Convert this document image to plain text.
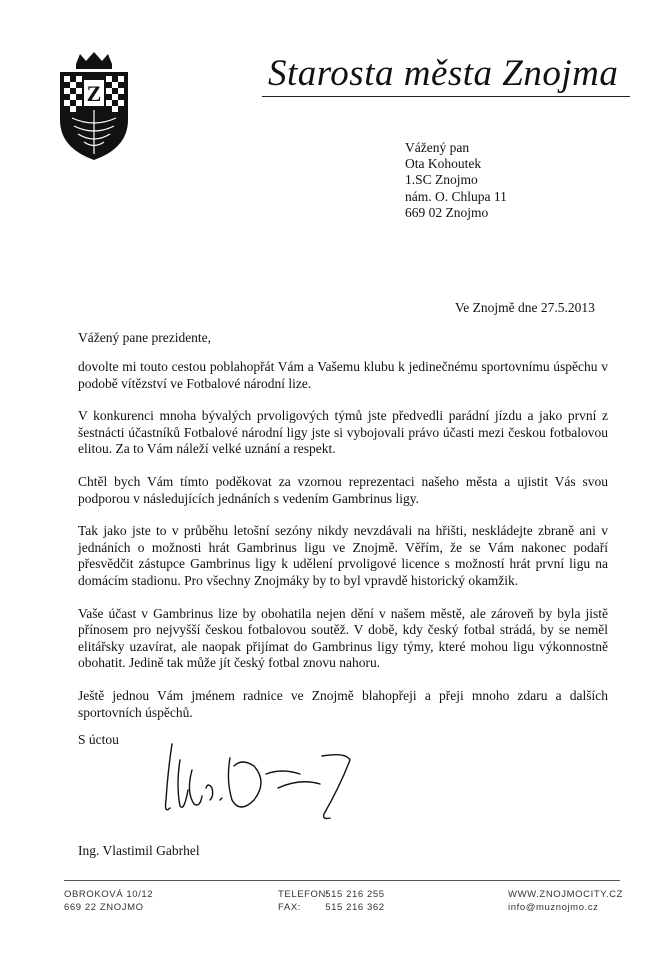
Z	Starosta města Znojma
Vážený pan
Ota Kohoutek
1.SC Znojmo
nám. O. Chlupa 11
669 02 Znojmo
Ve Znojmě dne 27.5.2013
Vážený pane prezidente,

dovolte mi touto cestou poblahopřát Vám a Vašemu klubu k jedinečnému sportovnímu úspěchu v podobě vítězství ve Fotbalové národní lize.

V konkurenci mnoha bývalých prvoligových týmů jste předvedli parádní jízdu a jako první z šestnácti účastníků Fotbalové národní ligy jste si vybojovali právo účasti mezi českou fotbalovou elitou. Za to Vám náleží velké uznání a respekt.

Chtěl bych Vám tímto poděkovat za vzornou reprezentaci našeho města a ujistit Vás svou podporou v následujících jednáních s vedením Gambrinus ligy.

Tak jako jste to v průběhu letošní sezóny nikdy nevzdávali na hřišti, neskládejte zbraně ani v jednáních o možnosti hrát Gambrinus ligu ve Znojmě. Věřím, že se Vám nakonec podaří přesvědčit zástupce Gambrinus ligy k udělení prvoligové licence s možností hrát první ligu na domácím stadionu. Pro všechny Znojmáky by to byl vpravdě historický okamžik.

Vaše účast v Gambrinus lize by obohatila nejen dění v našem městě, ale zároveň by byla jistě přínosem pro nejvyšší českou fotbalovou soutěž. V době, kdy český fotbal strádá, by se neměl elitářsky uzavírat, ale naopak přijímat do Gambrinus ligy týmy, které mohou ligu výkonnostně obohatit. Jedině tak může jít český fotbal znovu nahoru.

Ještě jednou Vám jménem radnice ve Znojmě blahopřeji a přeji mnoho zdaru a dalších sportovních úspěchů.

S úctou
Ing. Vlastimil Gabrhel
OBROKOVÁ 10/12
669 22 ZNOJMO
TELEFON: 515 216 255
FAX:	515 216 362
WWW.ZNOJMOCITY.CZ
info@muznojmo.cz
